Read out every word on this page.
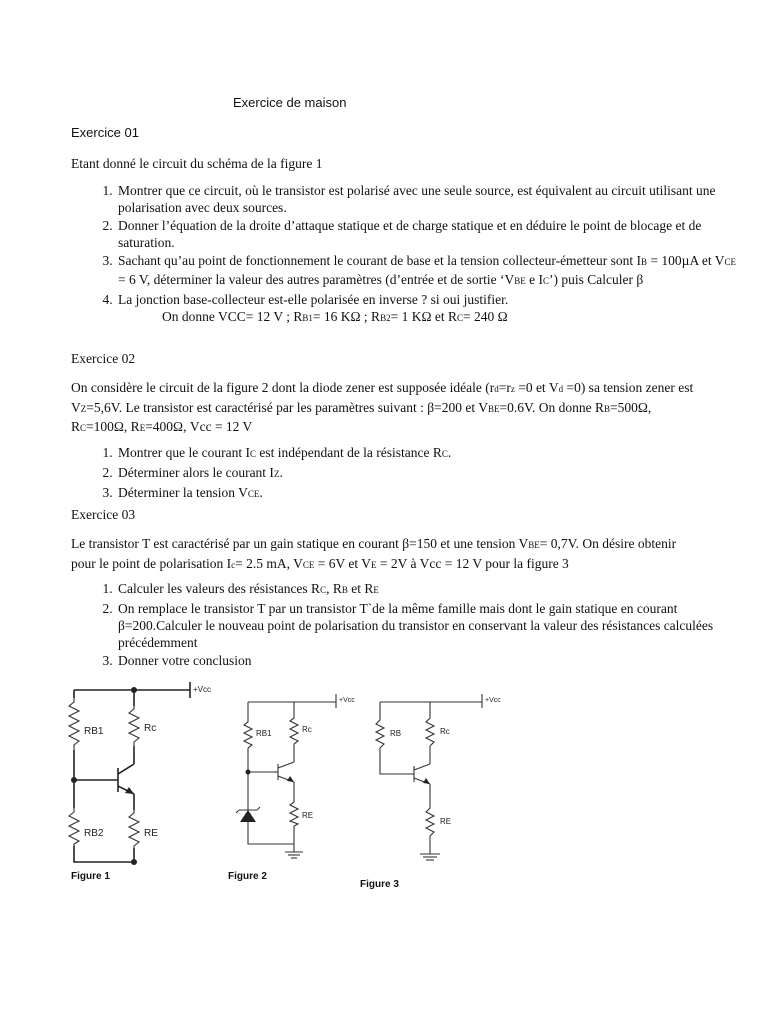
Exercice de maison
Exercice 01
Etant donné le circuit du schéma de la figure 1
1. Montrer que ce circuit, où le transistor est polarisé avec une seule source, est équivalent au circuit utilisant une polarisation avec deux sources.
2. Donner l’équation de la droite d’attaque statique et de charge statique et en déduire le point de blocage et de saturation.
3. Sachant qu’au point de fonctionnement le courant de base et la tension collecteur-émetteur sont IB = 100µA et VCE = 6 V, déterminer la valeur des autres paramètres (d’entrée et de sortie ‘VBE e IC’) puis Calculer β
4. La jonction base-collecteur est-elle polarisée en inverse ? si oui justifier.
On donne VCC= 12 V ; RB1= 16 KΩ ; RB2= 1 KΩ et RC= 240 Ω
Exercice 02
On considère le circuit de la figure 2 dont la diode zener est supposée idéale (rd=rz =0 et Vd =0) sa tension zener est VZ=5,6V. Le transistor est caractérisé par les paramètres suivant : β=200 et VBE=0.6V. On donne RB=500Ω, RC=100Ω, RE=400Ω, Vcc = 12 V
1. Montrer que le courant IC est indépendant de la résistance RC.
2. Déterminer alors le courant IZ.
3. Déterminer la tension VCE.
Exercice 03
Le transistor T est caractérisé par un gain statique en courant β=150 et une tension VBE= 0,7V. On désire obtenir pour le point de polarisation Ic= 2.5 mA, VCE = 6V et VE = 2V à Vcc = 12 V pour la figure 3
1. Calculer les valeurs des résistances RC, RB et RE
2. On remplace le transistor T par un transistor T`de la même famille mais dont le gain statique en courant β=200.Calculer le nouveau point de polarisation du transistor en conservant la valeur des résistances calculées précédemment
3. Donner votre conclusion
+Vcc
RB1	Rc
RB2	RE
Figure 1
+Vcc
RB1	Rc
RE
Figure 2
+Vcc
RB	Rc
RE
Figure 3
